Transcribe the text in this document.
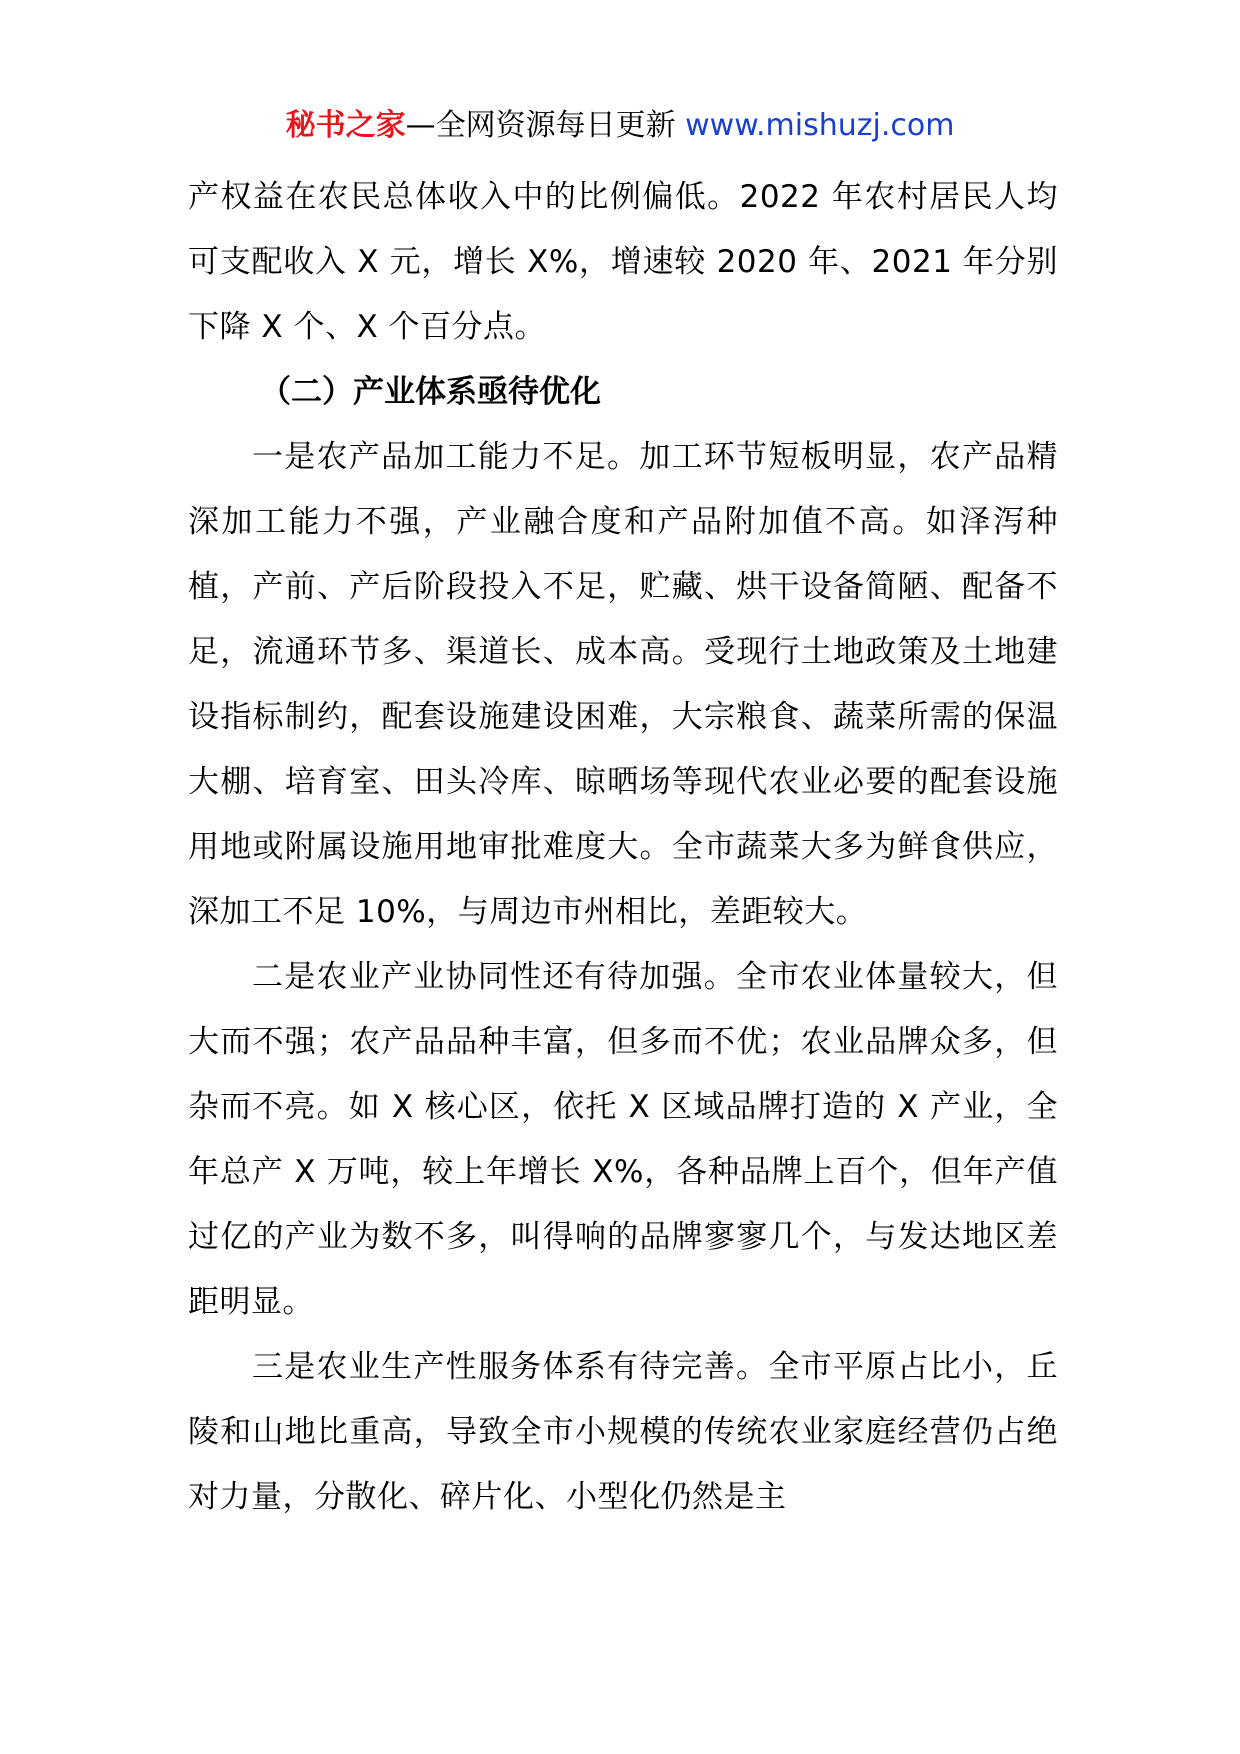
秘书之家—全网资源每日更新 www.mishuzj.com

产权益在农民总体收入中的比例偏低。2022 年农村居民人均可支配收入 X 元，增长 X%，增速较 2020 年、2021 年分别下降 X 个、X 个百分点。

（二）产业体系亟待优化

一是农产品加工能力不足。加工环节短板明显，农产品精深加工能力不强，产业融合度和产品附加值不高。如泽泻种植，产前、产后阶段投入不足，贮藏、烘干设备简陋、配备不足，流通环节多、渠道长、成本高。受现行土地政策及土地建设指标制约，配套设施建设困难，大宗粮食、蔬菜所需的保温大棚、培育室、田头冷库、晾晒场等现代农业必要的配套设施用地或附属设施用地审批难度大。全市蔬菜大多为鲜食供应，深加工不足 10%，与周边市州相比，差距较大。

二是农业产业协同性还有待加强。全市农业体量较大，但大而不强；农产品品种丰富，但多而不优；农业品牌众多，但杂而不亮。如 X 核心区，依托 X 区域品牌打造的 X 产业，全年总产 X 万吨，较上年增长 X%，各种品牌上百个，但年产值过亿的产业为数不多，叫得响的品牌寥寥几个，与发达地区差距明显。

三是农业生产性服务体系有待完善。全市平原占比小，丘陵和山地比重高，导致全市小规模的传统农业家庭经营仍占绝对力量，分散化、碎片化、小型化仍然是主
